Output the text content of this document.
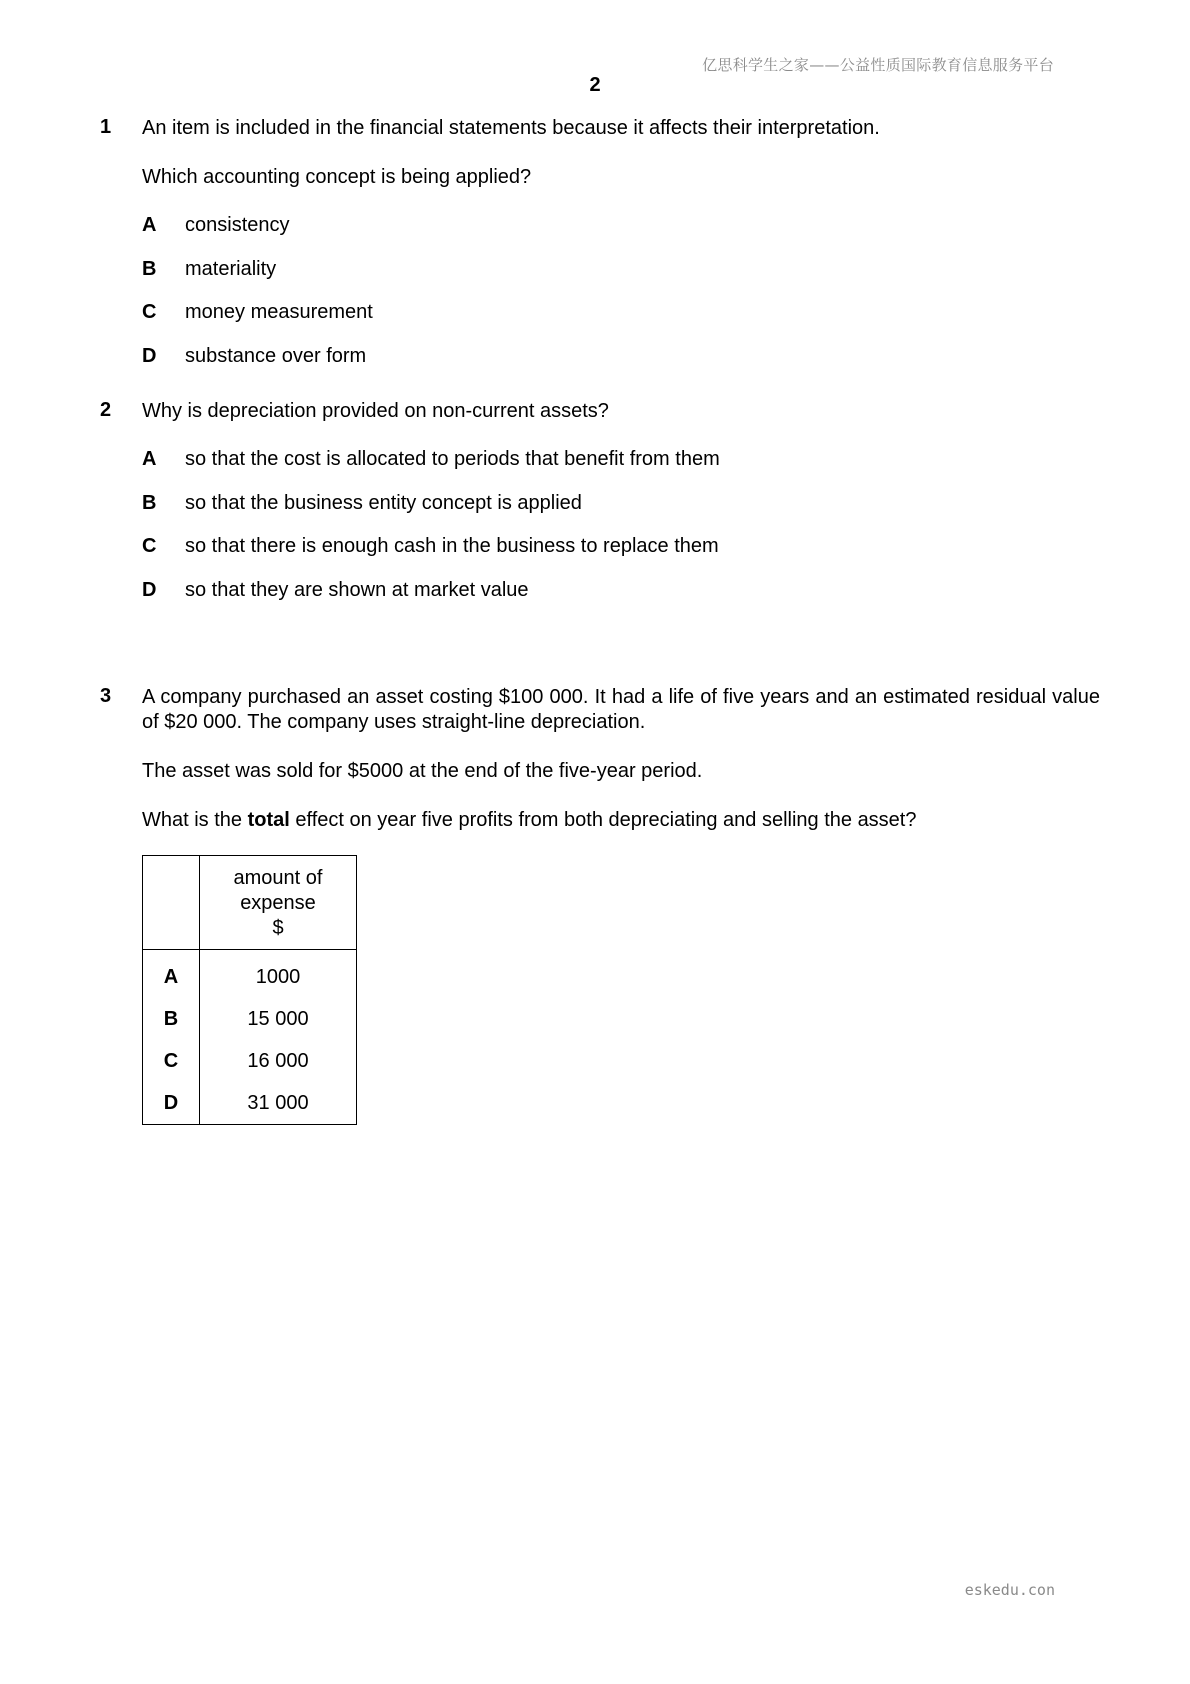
亿思科学生之家——公益性质国际教育信息服务平台
2
1 An item is included in the financial statements because it affects their interpretation.

Which accounting concept is being applied?

A	consistency
B	materiality
C	money measurement
D	substance over form
2 Why is depreciation provided on non-current assets?

A	so that the cost is allocated to periods that benefit from them
B	so that the business entity concept is applied
C	so that there is enough cash in the business to replace them
D	so that they are shown at market value
3 A company purchased an asset costing $100 000. It had a life of five years and an estimated residual value of $20 000. The company uses straight-line depreciation.

The asset was sold for $5000 at the end of the five-year period.

What is the total effect on year five profits from both depreciating and selling the asset?

	amount of
expense
$

A	1000
B	15 000
C	16 000
D	31 000
eskedu.con
